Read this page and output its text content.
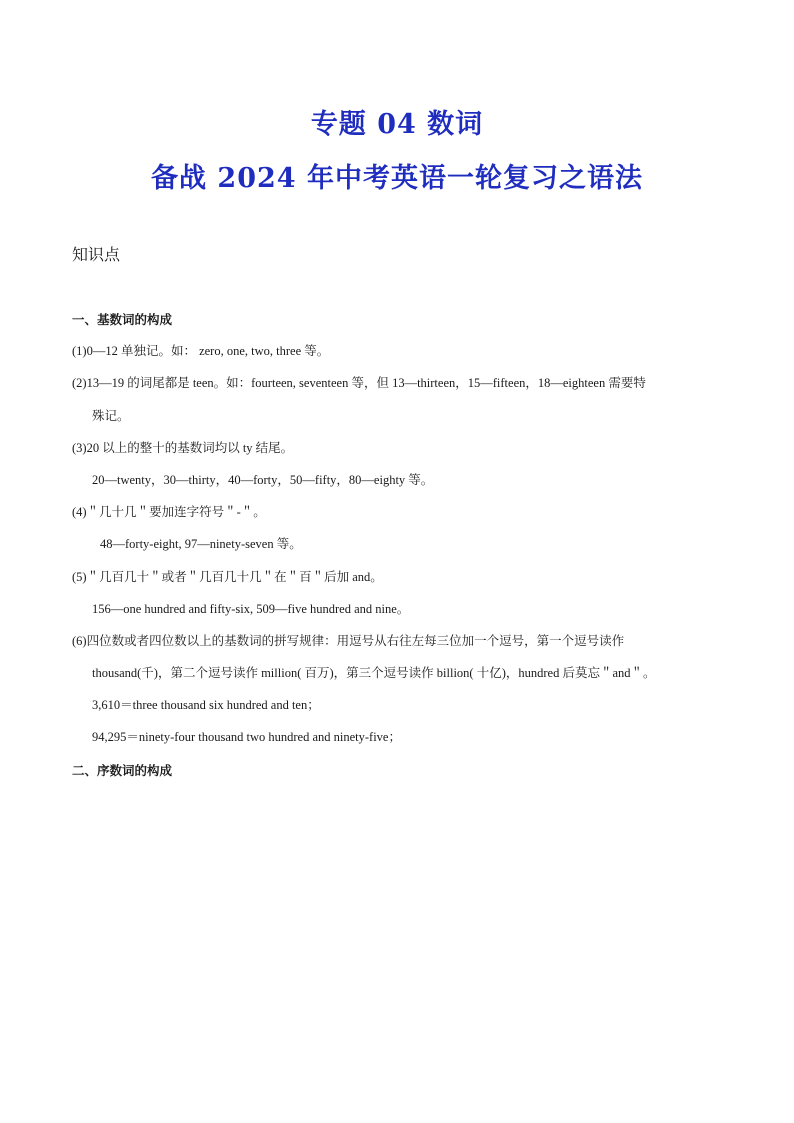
专题 04 数词
备战 2024 年中考英语一轮复习之语法
知识点

一、基数词的构成

(1)0—12 单独记。如： zero, one, two, three 等。

(2)13—19 的词尾都是 teen。如：fourteen, seventeen 等，但 13—thirteen，15—fifteen，18—eighteen 需要特

殊记。

(3)20 以上的整十的基数词均以 ty 结尾。

20—twenty，30—thirty，40—forty，50—fifty，80—eighty 等。

(4)＂几十几＂要加连字符号＂-＂。

48—forty-eight, 97—ninety-seven 等。

(5)＂几百几十＂或者＂几百几十几＂在＂百＂后加 and。

156—one hundred and fifty-six, 509—five hundred and nine。

(6)四位数或者四位数以上的基数词的拼写规律：用逗号从右往左每三位加一个逗号，第一个逗号读作

thousand(千)，第二个逗号读作 million( 百万)，第三个逗号读作 billion( 十亿)，hundred 后莫忘＂and＂。

3,610＝three thousand six hundred and ten；

94,295＝ninety-four thousand two hundred and ninety-five；

二、序数词的构成
